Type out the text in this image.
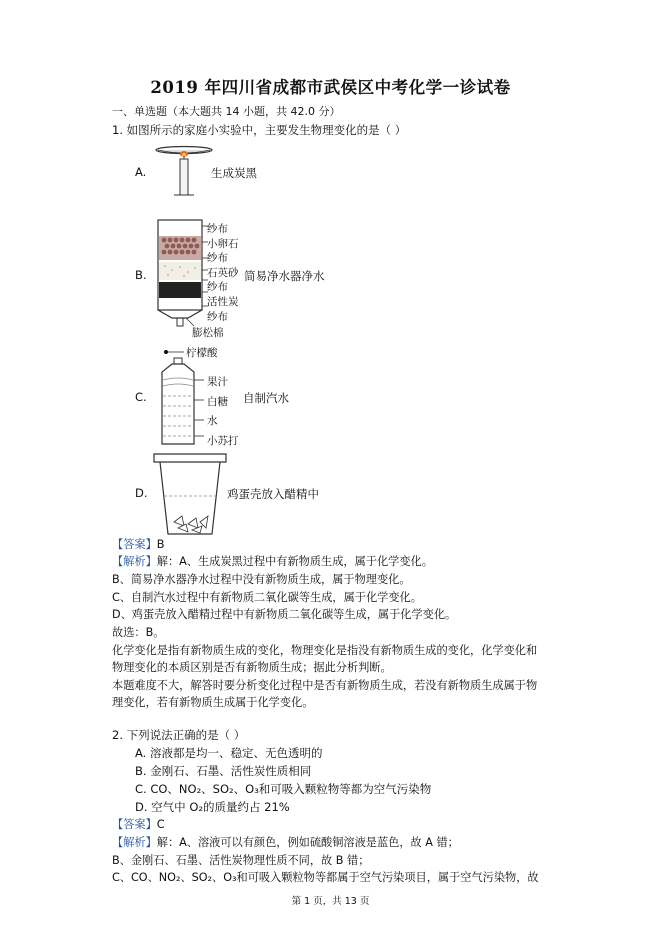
2019 年四川省成都市武侯区中考化学一诊试卷
一、单选题（本大题共 14 小题，共 42.0 分）
1. 如图所示的家庭小实验中，主要发生物理变化的是（ ）
A.	生成炭黑
B.
纱布
小卵石
纱布
石英砂
纱布
活性炭
纱布
膨松棉
简易净水器净水
C.
柠檬酸
果汁
白糖
水
小苏打
自制汽水
D.	鸡蛋壳放入醋精中
【答案】B
【解析】解：A、生成炭黑过程中有新物质生成，属于化学变化。
B、简易净水器净水过程中没有新物质生成，属于物理变化。
C、自制汽水过程中有新物质二氧化碳等生成，属于化学变化。
D、鸡蛋壳放入醋精过程中有新物质二氧化碳等生成，属于化学变化。
故选：B。
化学变化是指有新物质生成的变化，物理变化是指没有新物质生成的变化，化学变化和
物理变化的本质区别是否有新物质生成；据此分析判断。
本题难度不大，解答时要分析变化过程中是否有新物质生成，若没有新物质生成属于物
理变化，若有新物质生成属于化学变化。
2. 下列说法正确的是（ ）
A. 溶液都是均一、稳定、无色透明的
B. 金刚石、石墨、活性炭性质相同
C. CO、NO₂、SO₂、O₃和可吸入颗粒物等都为空气污染物
D. 空气中 O₂的质量约占 21%
【答案】C
【解析】解：A、溶液可以有颜色，例如硫酸铜溶液是蓝色，故 A 错；
B、金刚石、石墨、活性炭物理性质不同，故 B 错；
C、CO、NO₂、SO₂、O₃和可吸入颗粒物等都属于空气污染项目，属于空气污染物，故
第 1 页，共 13 页
